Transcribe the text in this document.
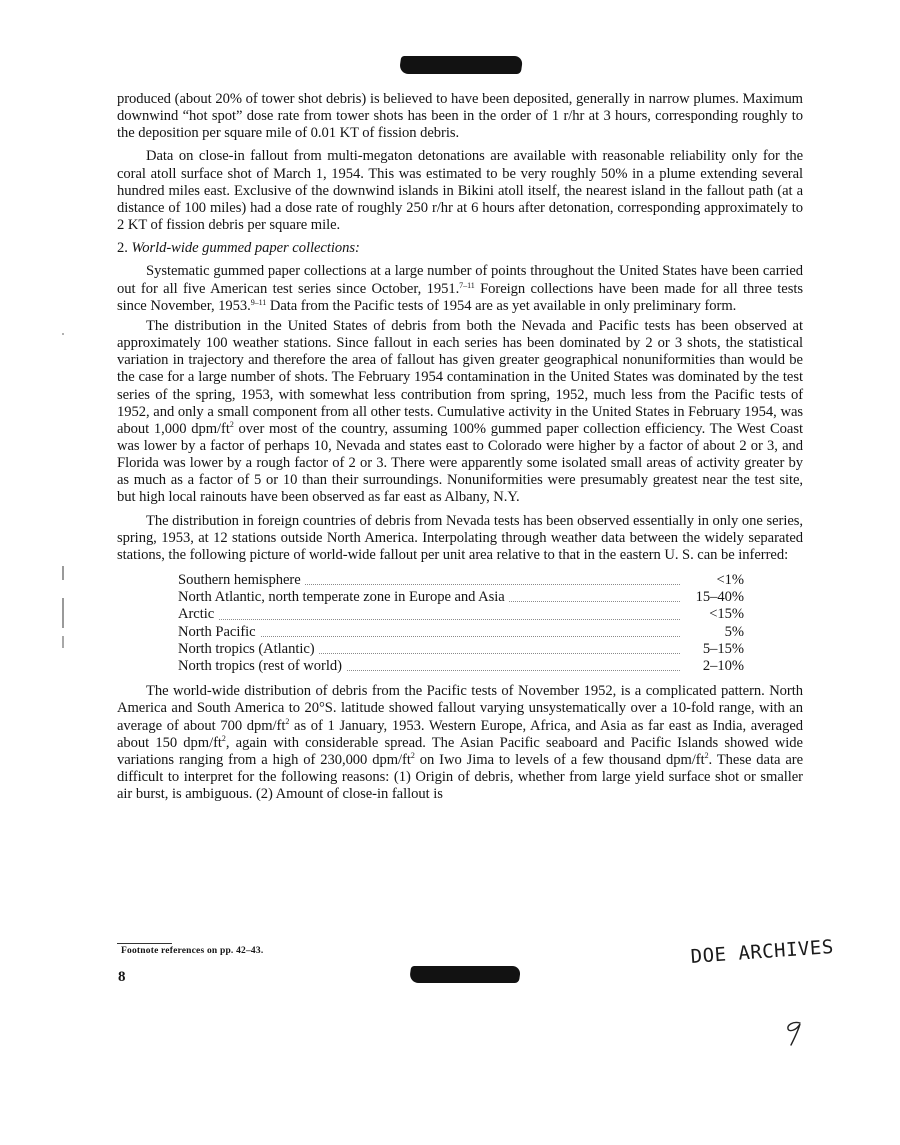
produced (about 20% of tower shot debris) is believed to have been deposited, generally in narrow plumes. Maximum downwind “hot spot” dose rate from tower shots has been in the order of 1 r/hr at 3 hours, corresponding roughly to the deposition per square mile of 0.01 KT of fission debris.

Data on close-in fallout from multi-megaton detonations are available with reasonable reliability only for the coral atoll surface shot of March 1, 1954. This was estimated to be very roughly 50% in a plume extending several hundred miles east. Exclusive of the downwind islands in Bikini atoll itself, the nearest island in the fallout path (at a distance of 100 miles) had a dose rate of roughly 250 r/hr at 6 hours after detonation, corresponding approximately to 2 KT of fission debris per square mile.

2. World-wide gummed paper collections:

Systematic gummed paper collections at a large number of points throughout the United States have been carried out for all five American test series since October, 1951.$^{7-11}$ Foreign collections have been made for all three tests since November, 1953.$^{9-11}$ Data from the Pacific tests of 1954 are as yet available in only preliminary form.

The distribution in the United States of debris from both the Nevada and Pacific tests has been observed at approximately 100 weather stations. Since fallout in each series has been dominated by 2 or 3 shots, the statistical variation in trajectory and therefore the area of fallout has given greater geographical nonuniformities than would be the case for a large number of shots. The February 1954 contamination in the United States was dominated by the test series of the spring, 1953, with somewhat less contribution from spring, 1952, much less from the Pacific tests of 1952, and only a small component from all other tests. Cumulative activity in the United States in February 1954, was about 1,000 dpm/$ft^2$ over most of the country, assuming 100% gummed paper collection efficiency. The West Coast was lower by a factor of perhaps 10, Nevada and states east to Colorado were higher by a factor of about 2 or 3, and Florida was lower by a rough factor of 2 or 3. There were apparently some isolated small areas of activity greater by as much as a factor of 5 or 10 than their surroundings. Nonuniformities were presumably greatest near the test site, but high local rainouts have been observed as far east as Albany, N.Y.

The distribution in foreign countries of debris from Nevada tests has been observed essentially in only one series, spring, 1953, at 12 stations outside North America. Interpolating through weather data between the widely separated stations, the following picture of world-wide fallout per unit area relative to that in the eastern U. S. can be inferred:

Southern hemisphere	<1%

North Atlantic, north temperate zone in Europe and Asia	15–40%

Arctic	<15%

North Pacific	5%

North tropics (Atlantic)	5–15%

North tropics (rest of world)	2–10%

The world-wide distribution of debris from the Pacific tests of November 1952, is a complicated pattern. North America and South America to 20°S. latitude showed fallout varying unsystematically over a 10-fold range, with an average of about 700 dpm/$ft^2$ as of 1 January, 1953. Western Europe, Africa, and Asia as far east as India, averaged about 150 dpm/$ft^2$, again with considerable spread. The Asian Pacific seaboard and Pacific Islands showed wide variations ranging from a high of 230,000 dpm/$ft^2$ on Iwo Jima to levels of a few thousand dpm/$ft^2$. These data are difficult to interpret for the following reasons: (1) Origin of debris, whether from large yield surface shot or smaller air burst, is ambiguous. (2) Amount of close-in fallout is

Footnote references on pp. 42–43.
8
DOE ARCHIVES
